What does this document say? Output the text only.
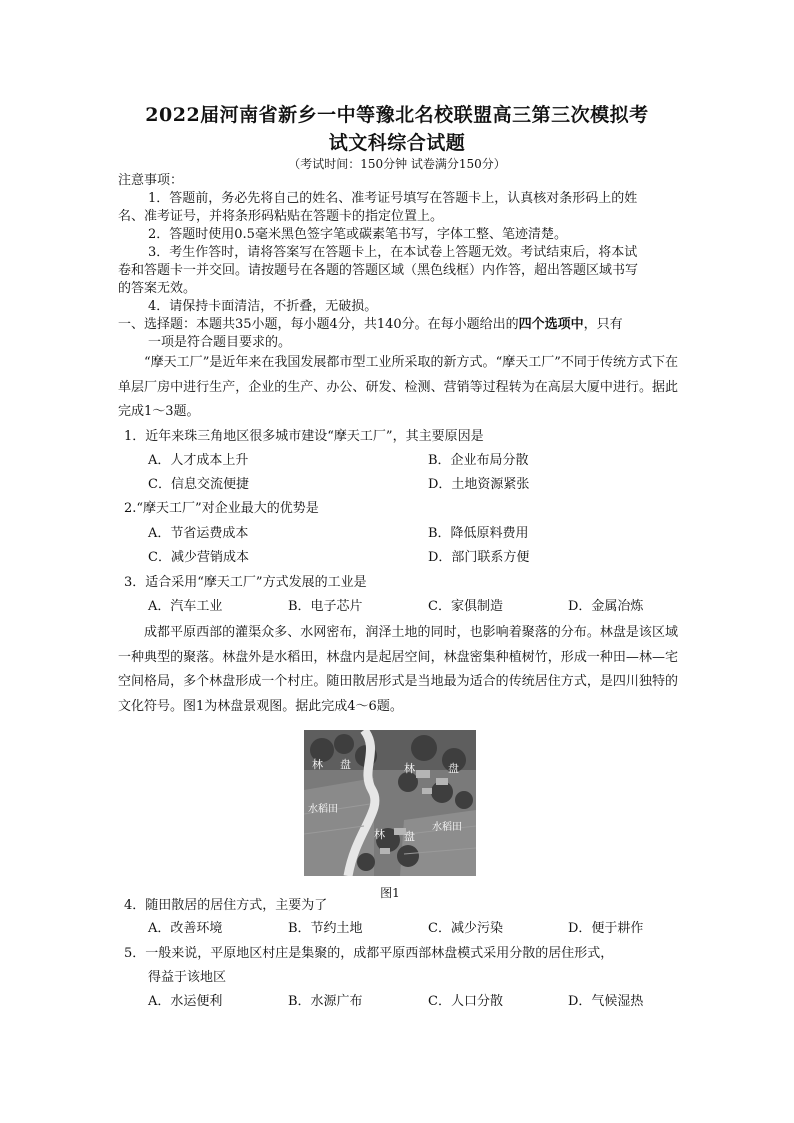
2022届河南省新乡一中等豫北名校联盟高三第三次模拟考
试文科综合试题
（考试时间：150分钟 试卷满分150分）
注意事项：
1．答题前，务必先将自己的姓名、准考证号填写在答题卡上，认真核对条形码上的姓
名、准考证号，并将条形码粘贴在答题卡的指定位置上。
2．答题时使用0.5毫米黑色签字笔或碳素笔书写，字体工整、笔迹清楚。
3．考生作答时，请将答案写在答题卡上，在本试卷上答题无效。考试结束后，将本试
卷和答题卡一并交回。请按题号在各题的答题区域（黑色线框）内作答，超出答题区域书写
的答案无效。
4．请保持卡面清洁，不折叠，无破损。
一、选择题：本题共35小题，每小题4分，共140分。在每小题给出的四个选项中，只有
一项是符合题目要求的。
“摩天工厂”是近年来在我国发展都市型工业所采取的新方式。“摩天工厂”不同于传统方式下在单层厂房中进行生产，企业的生产、办公、研发、检测、营销等过程转为在高层大厦中进行。据此完成1～3题。
1．近年来珠三角地区很多城市建设“摩天工厂”，其主要原因是
A．人才成本上升	B．企业布局分散
C．信息交流便捷	D．土地资源紧张
2.“摩天工厂”对企业最大的优势是
A．节省运费成本	B．降低原料费用
C．减少营销成本	D．部门联系方便
3．适合采用“摩天工厂”方式发展的工业是
A．汽车工业	B．电子芯片	C．家俱制造	D．金属冶炼
成都平原西部的灌渠众多、水网密布，润泽土地的同时，也影响着聚落的分布。林盘是该区域一种典型的聚落。林盘外是水稻田，林盘内是起居空间，林盘密集种植树竹，形成一种田—林—宅空间格局，多个林盘形成一个村庄。随田散居形式是当地最为适合的传统居住方式，是四川独特的文化符号。图1为林盘景观图。据此完成4～6题。
林 盘	林	盘
林 盘
水稻田
水稻田
图1
4．随田散居的居住方式，主要为了
A．改善环境	B．节约土地	C．减少污染	D．便于耕作
5．一般来说，平原地区村庄是集聚的，成都平原西部林盘模式采用分散的居住形式，
得益于该地区
A．水运便利	B．水源广布	C．人口分散	D．气候湿热
